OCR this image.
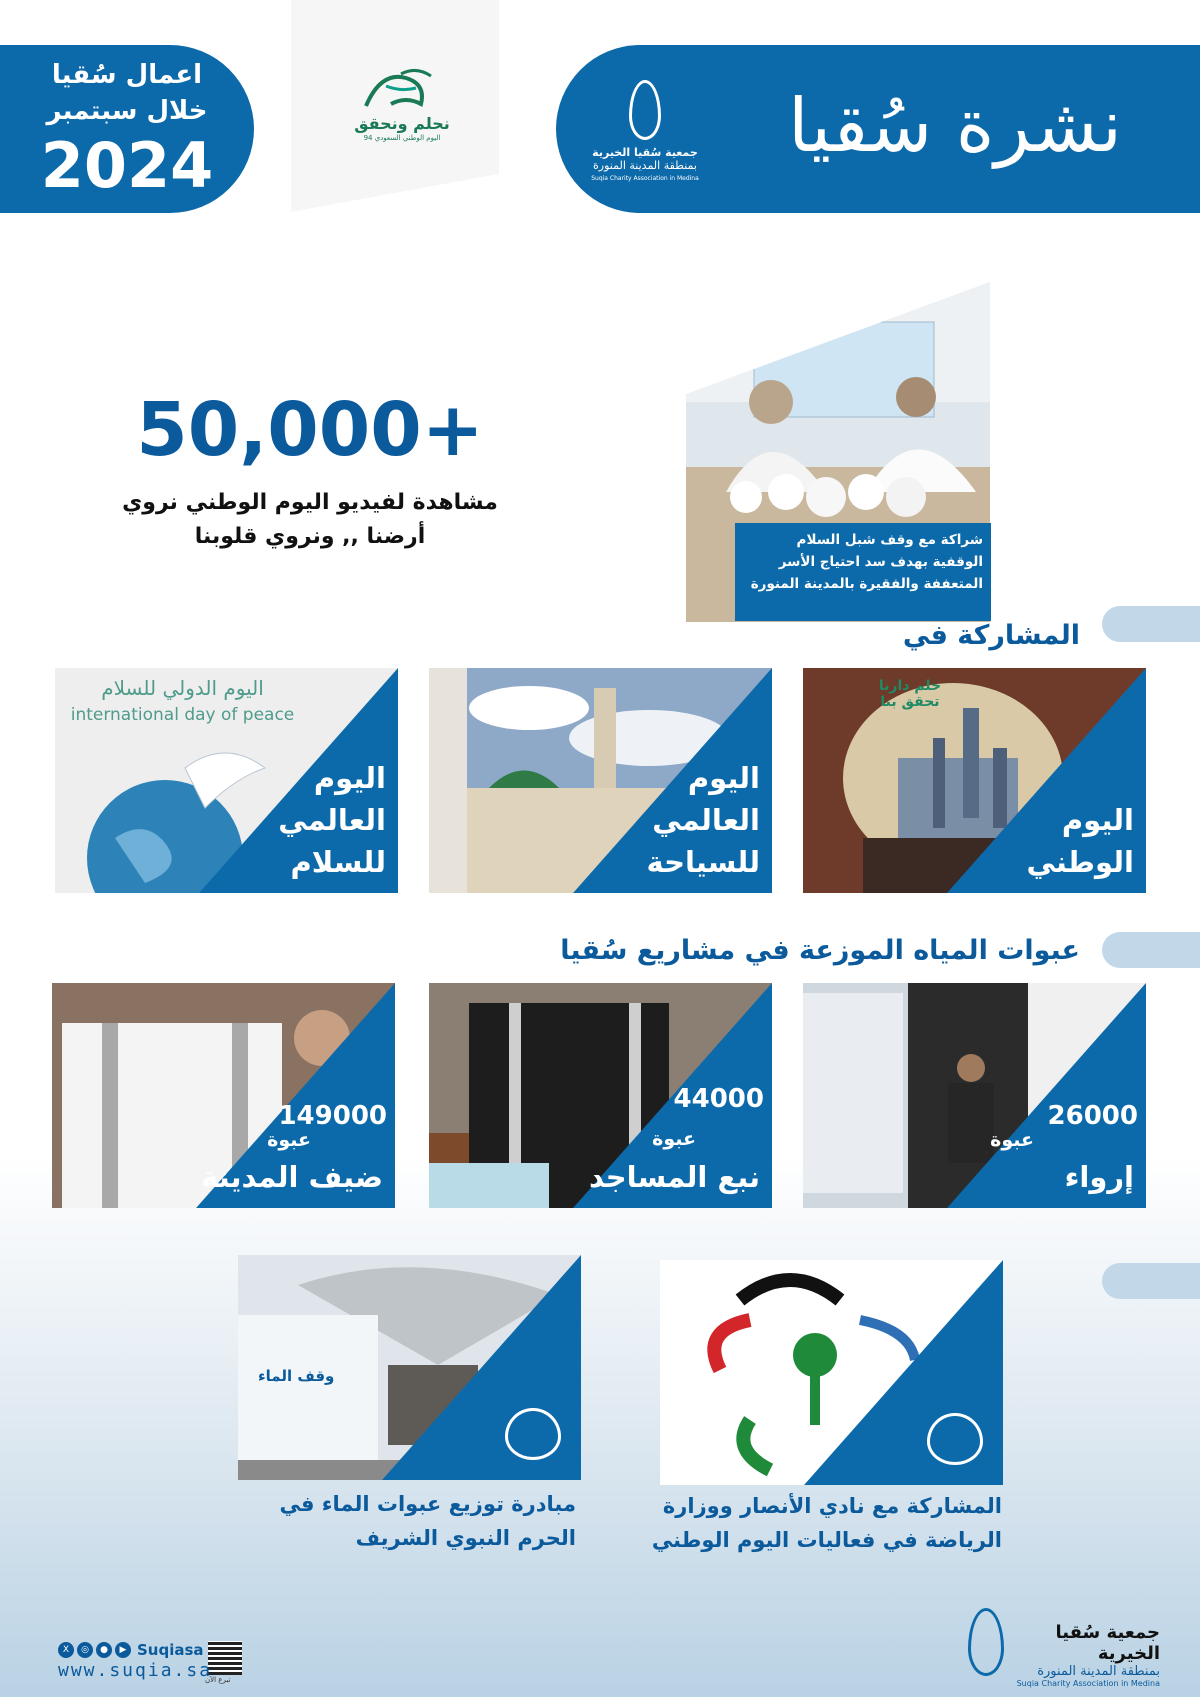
اعمال سُقيا
خلال سبتمبر
2024
نحلم ونحقق
اليوم الوطني السعودي 94	نشرة سُقيا
جمعية سُقيا الخيرية
بمنطقة المدينة المنورة
Suqia Charity Association in Medina
50,000+
مشاهدة لفيديو اليوم الوطني نروي
أرضنا ,, ونروي قلوبنا	شراكة مع وقف شبل السلام الوقفية بهدف سد احتياج الأسر المتعففة والفقيرة بالمدينة المنورة
المشاركة في
حلم دارنا تحقق بنا
اليوم الوطني
اليوم العالمي للسياحة
اليوم الدولي للسلام
international day of peace
اليوم العالمي للسلام
عبوات المياه الموزعة في مشاريع سُقيا
26000
عبوة
إرواء
44000
عبوة
نبع المساجد
149000
عبوة
ضيف المدينة
المشاركة مع نادي الأنصار ووزارة
الرياضة في فعاليات اليوم الوطني
وقف الماء
مبادرة توزيع عبوات الماء في
الحرم النبوي الشريف
جمعية سُقيا الخيرية
بمنطقة المدينة المنورة
Suqia Charity Association in Medina
تبرع الآن
X	◎	●	▶ Suqiasa
www.suqia.sa
